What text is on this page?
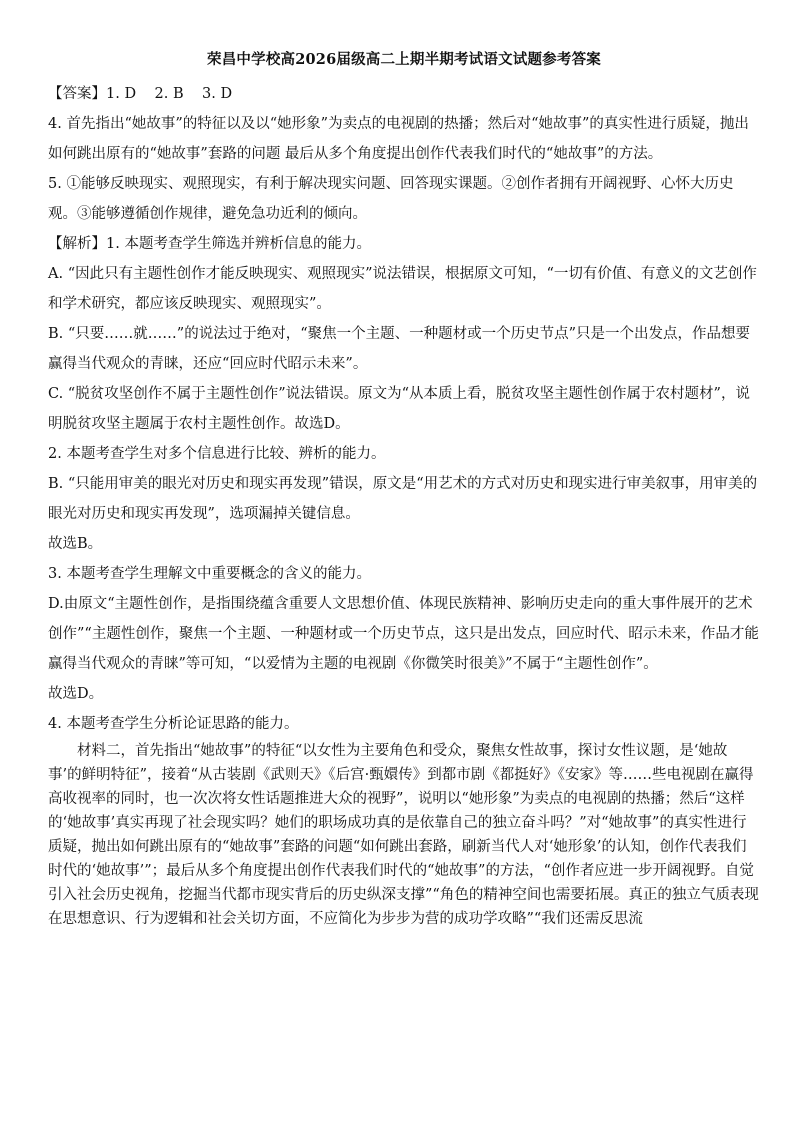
荣昌中学校高2026届级高二上期半期考试语文试题参考答案

【答案】1. D    2. B    3. D

4. 首先指出“她故事”的特征以及以“她形象”为卖点的电视剧的热播；然后对“她故事”的真实性进行质疑，抛出如何跳出原有的“她故事”套路的问题 最后从多个角度提出创作代表我们时代的“她故事”的方法。

5. ①能够反映现实、观照现实，有利于解决现实问题、回答现实课题。②创作者拥有开阔视野、心怀大历史观。③能够遵循创作规律，避免急功近利的倾向。

【解析】1. 本题考查学生筛选并辨析信息的能力。

A. “因此只有主题性创作才能反映现实、观照现实”说法错误，根据原文可知，“一切有价值、有意义的文艺创作和学术研究，都应该反映现实、观照现实”。

B. “只要……就……”的说法过于绝对，“聚焦一个主题、一种题材或一个历史节点”只是一个出发点，作品想要赢得当代观众的青睐，还应“回应时代昭示未来”。

C. “脱贫攻坚创作不属于主题性创作”说法错误。原文为“从本质上看，脱贫攻坚主题性创作属于农村题材”，说明脱贫攻坚主题属于农村主题性创作。故选D。

2. 本题考查学生对多个信息进行比较、辨析的能力。

B. “只能用审美的眼光对历史和现实再发现”错误，原文是“用艺术的方式对历史和现实进行审美叙事，用审美的眼光对历史和现实再发现”，选项漏掉关键信息。

故选B。

3. 本题考查学生理解文中重要概念的含义的能力。

D.由原文“主题性创作，是指围绕蕴含重要人文思想价值、体现民族精神、影响历史走向的重大事件展开的艺术创作”“主题性创作，聚焦一个主题、一种题材或一个历史节点，这只是出发点，回应时代、昭示未来，作品才能赢得当代观众的青睐”等可知，“以爱情为主题的电视剧《你微笑时很美》”不属于“主题性创作”。

故选D。

4. 本题考查学生分析论证思路的能力。

材料二，首先指出“她故事”的特征“以女性为主要角色和受众，聚焦女性故事，探讨女性议题，是‘她故事’的鲜明特征”，接着“从古装剧《武则天》《后宫·甄嬛传》到都市剧《都挺好》《安家》等……些电视剧在赢得高收视率的同时，也一次次将女性话题推进大众的视野”，说明以“她形象”为卖点的电视剧的热播；然后“这样的‘她故事’真实再现了社会现实吗？她们的职场成功真的是依靠自己的独立奋斗吗？”对“她故事”的真实性进行质疑，抛出如何跳出原有的“她故事”套路的问题“如何跳出套路，刷新当代人对‘她形象’的认知，创作代表我们时代的‘她故事’”；最后从多个角度提出创作代表我们时代的“她故事”的方法，“创作者应进一步开阔视野。自觉引入社会历史视角，挖掘当代都市现实背后的历史纵深支撑”“角色的精神空间也需要拓展。真正的独立气质表现在思想意识、行为逻辑和社会关切方面，不应简化为步步为营的成功学攻略”“我们还需反思流
